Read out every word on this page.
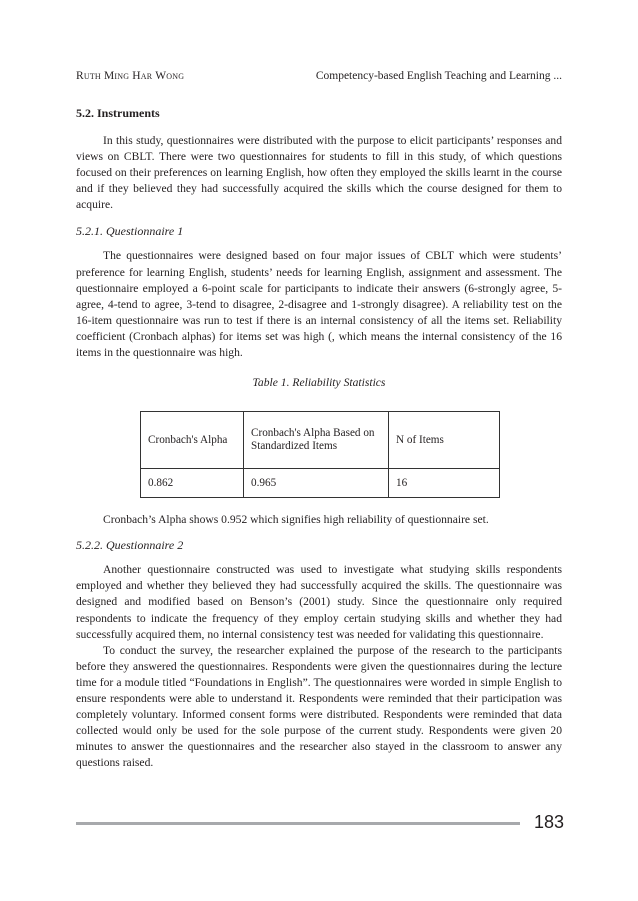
Ruth Ming Har Wong	Competency-based English Teaching and Learning ...
5.2. Instruments

In this study, questionnaires were distributed with the purpose to elicit participants’ responses and views on CBLT. There were two questionnaires for students to fill in this study, of which questions focused on their preferences on learning English, how often they employed the skills learnt in the course and if they believed they had successfully acquired the skills which the course designed for them to acquire.

5.2.1. Questionnaire 1

The questionnaires were designed based on four major issues of CBLT which were students’ preference for learning English, students’ needs for learning English, assignment and assessment. The questionnaire employed a 6-point scale for participants to indicate their answers (6-strongly agree, 5-agree, 4-tend to agree, 3-tend to disagree, 2-disagree and 1-strongly disagree). A reliability test on the 16-item questionnaire was run to test if there is an internal consistency of all the items set. Reliability coefficient (Cronbach alphas) for items set was high (, which means the internal consistency of the 16 items in the questionnaire was high.

Table 1. Reliability Statistics
Cronbach's Alpha	Cronbach's Alpha Based on Standardized Items	N of Items
0.862	0.965	16

Cronbach’s Alpha shows 0.952 which signifies high reliability of questionnaire set.

5.2.2. Questionnaire 2

Another questionnaire constructed was used to investigate what studying skills respondents employed and whether they believed they had successfully acquired the skills. The questionnaire was designed and modified based on Benson’s (2001) study. Since the questionnaire only required respondents to indicate the frequency of they employ certain studying skills and whether they had successfully acquired them, no internal consistency test was needed for validating this questionnaire.

To conduct the survey, the researcher explained the purpose of the research to the participants before they answered the questionnaires. Respondents were given the questionnaires during the lecture time for a module titled “Foundations in English”. The questionnaires were worded in simple English to ensure respondents were able to understand it. Respondents were reminded that their participation was completely voluntary. Informed consent forms were distributed. Respondents were reminded that data collected would only be used for the sole purpose of the current study. Respondents were given 20 minutes to answer the questionnaires and the researcher also stayed in the classroom to answer any questions raised.

183
